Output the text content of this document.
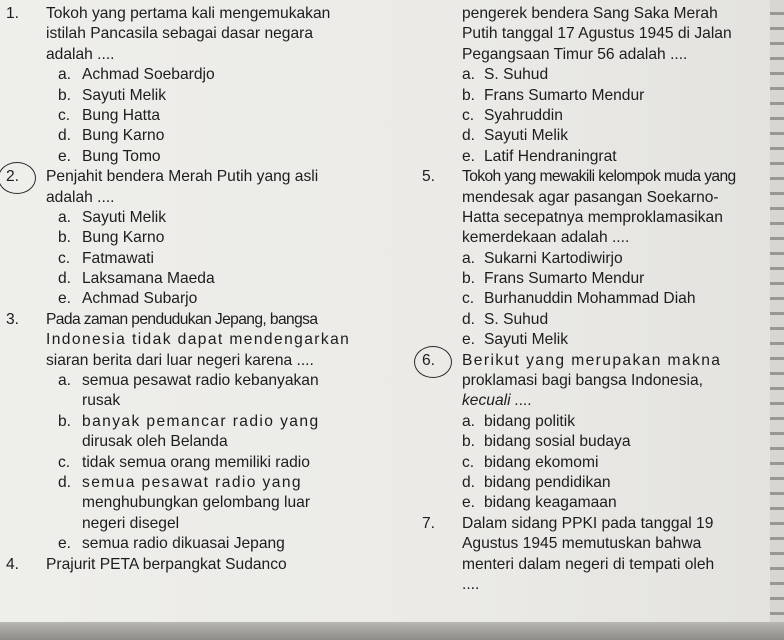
1. Tokoh yang pertama kali mengemukakan
istilah Pancasila sebagai dasar negara
adalah ....
a. Achmad Soebardjo
b. Sayuti Melik
c. Bung Hatta
d. Bung Karno
e. Bung Tomo
2. Penjahit bendera Merah Putih yang asli
adalah ....
a. Sayuti Melik
b. Bung Karno
c. Fatmawati
d. Laksamana Maeda
e. Achmad Subarjo
3. Pada zaman pendudukan Jepang, bangsa
Indonesia tidak dapat mendengarkan
siaran berita dari luar negeri karena ....
a. semua pesawat radio kebanyakan
rusak
b. banyak pemancar radio yang
dirusak oleh Belanda
c. tidak semua orang memiliki radio
d. semua pesawat radio yang
menghubungkan gelombang luar
negeri disegel
e. semua radio dikuasai Jepang
4. Prajurit PETA berpangkat Sudanco
pengerek bendera Sang Saka Merah
Putih tanggal 17 Agustus 1945 di Jalan
Pegangsaan Timur 56 adalah ....
a. S. Suhud
b. Frans Sumarto Mendur
c. Syahruddin
d. Sayuti Melik
e. Latif Hendraningrat
5. Tokoh yang mewakili kelompok muda yang
mendesak agar pasangan Soekarno-
Hatta secepatnya memproklamasikan
kemerdekaan adalah ....
a. Sukarni Kartodiwirjo
b. Frans Sumarto Mendur
c. Burhanuddin Mohammad Diah
d. S. Suhud
e. Sayuti Melik
6. Berikut yang merupakan makna
proklamasi bagi bangsa Indonesia,
kecuali ....
a. bidang politik
b. bidang sosial budaya
c. bidang ekomomi
d. bidang pendidikan
e. bidang keagamaan
7. Dalam sidang PPKI pada tanggal 19
Agustus 1945 memutuskan bahwa
menteri dalam negeri di tempati oleh
....
